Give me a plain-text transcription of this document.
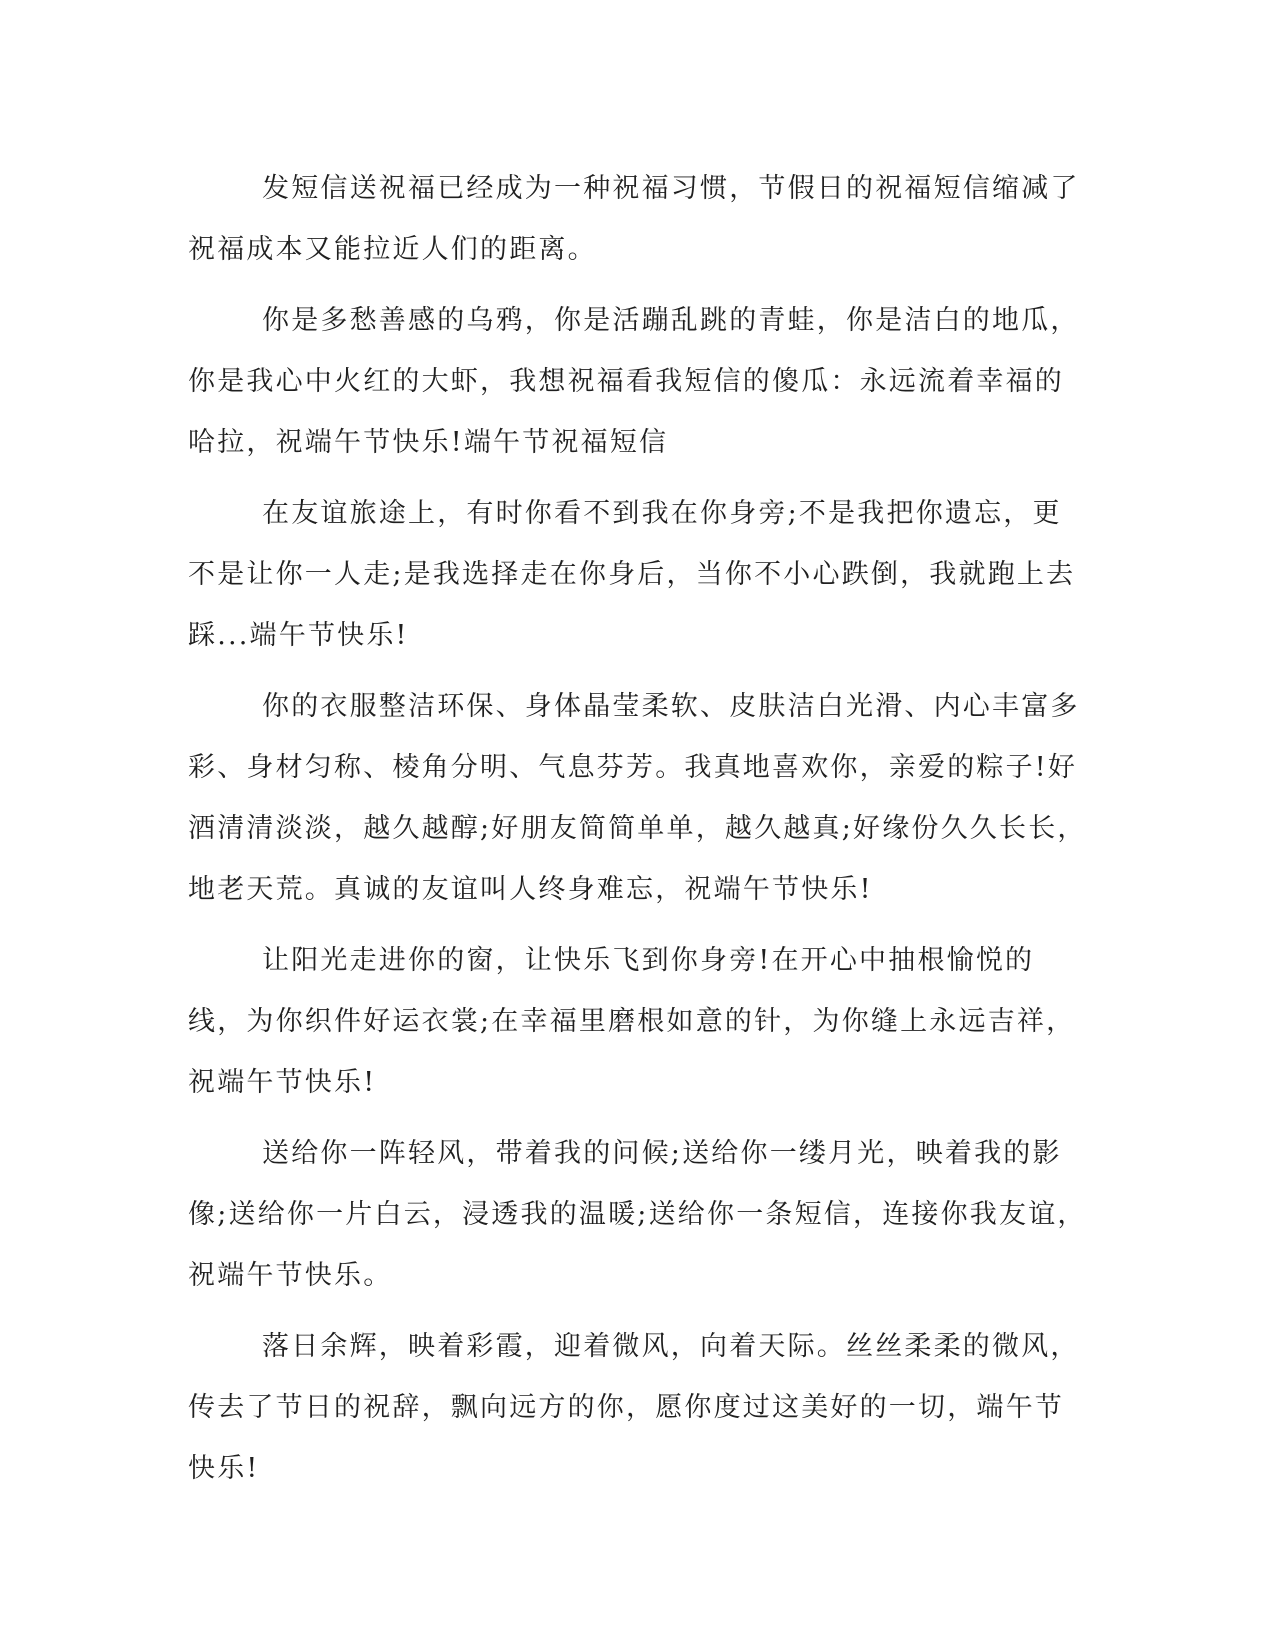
发短信送祝福已经成为一种祝福习惯，节假日的祝福短信缩减了祝福成本又能拉近人们的距离。

你是多愁善感的乌鸦，你是活蹦乱跳的青蛙，你是洁白的地瓜，你是我心中火红的大虾，我想祝福看我短信的傻瓜：永远流着幸福的哈拉，祝端午节快乐!端午节祝福短信

在友谊旅途上，有时你看不到我在你身旁;不是我把你遗忘，更不是让你一人走;是我选择走在你身后，当你不小心跌倒，我就跑上去踩...端午节快乐!

你的衣服整洁环保、身体晶莹柔软、皮肤洁白光滑、内心丰富多彩、身材匀称、棱角分明、气息芬芳。我真地喜欢你，亲爱的粽子!好酒清清淡淡，越久越醇;好朋友简简单单，越久越真;好缘份久久长长，地老天荒。真诚的友谊叫人终身难忘，祝端午节快乐!

让阳光走进你的窗，让快乐飞到你身旁!在开心中抽根愉悦的线，为你织件好运衣裳;在幸福里磨根如意的针，为你缝上永远吉祥，祝端午节快乐!

送给你一阵轻风，带着我的问候;送给你一缕月光，映着我的影像;送给你一片白云，浸透我的温暖;送给你一条短信，连接你我友谊，祝端午节快乐。

落日余辉，映着彩霞，迎着微风，向着天际。丝丝柔柔的微风，传去了节日的祝辞，飘向远方的你，愿你度过这美好的一切，端午节快乐!
